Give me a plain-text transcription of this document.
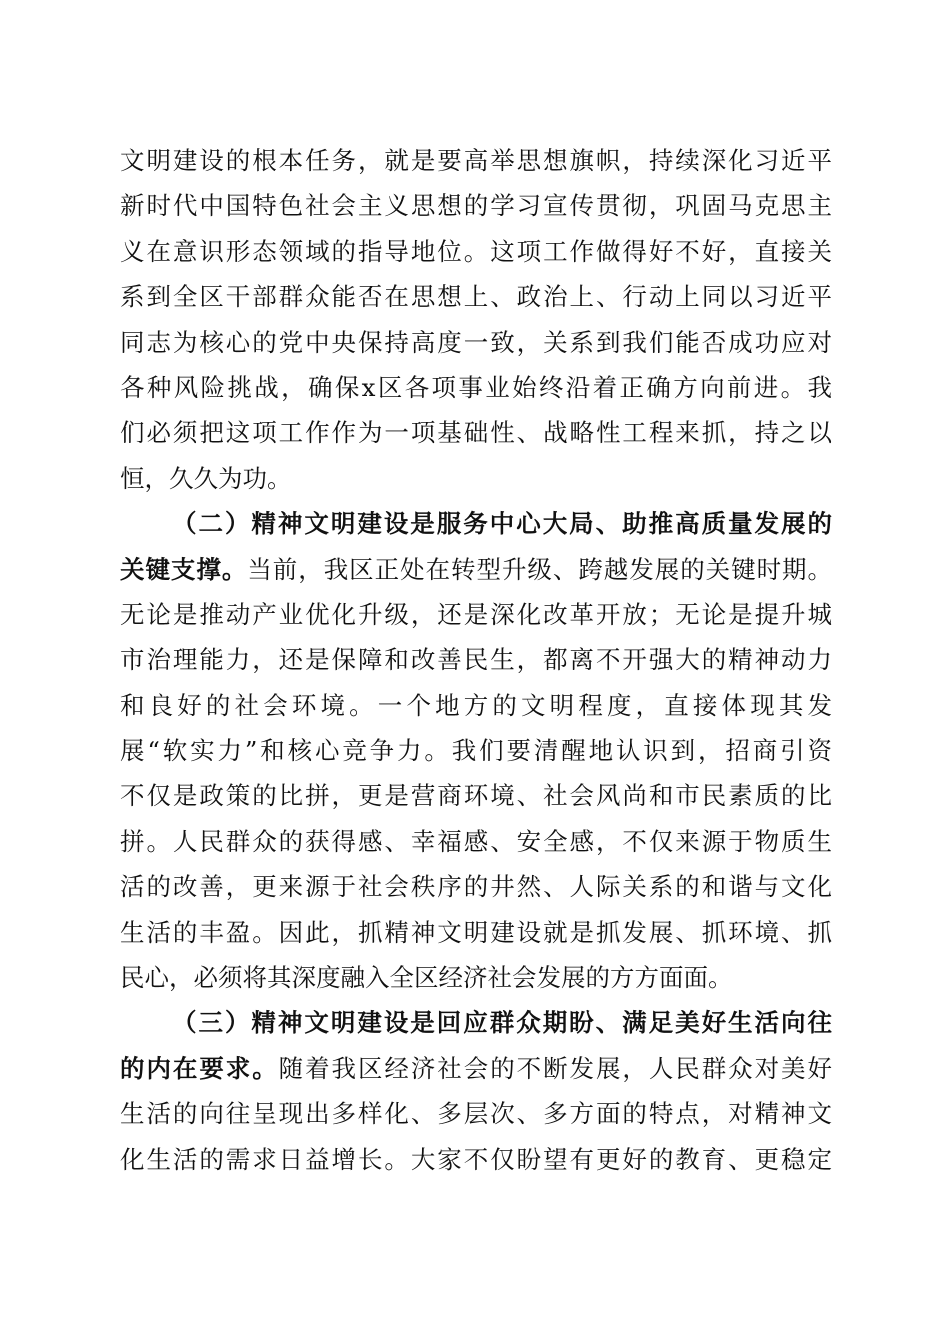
文明建设的根本任务，就是要高举思想旗帜，持续深化习近平
新时代中国特色社会主义思想的学习宣传贯彻，巩固马克思主
义在意识形态领域的指导地位。这项工作做得好不好，直接关
系到全区干部群众能否在思想上、政治上、行动上同以习近平
同志为核心的党中央保持高度一致，关系到我们能否成功应对
各种风险挑战，确保x区各项事业始终沿着正确方向前进。我
们必须把这项工作作为一项基础性、战略性工程来抓，持之以
恒，久久为功。
（二）精神文明建设是服务中心大局、助推高质量发展的
关键支撑。当前，我区正处在转型升级、跨越发展的关键时期。
无论是推动产业优化升级，还是深化改革开放；无论是提升城
市治理能力，还是保障和改善民生，都离不开强大的精神动力
和良好的社会环境。一个地方的文明程度，直接体现其发
展“软实力”和核心竞争力。我们要清醒地认识到，招商引资
不仅是政策的比拼，更是营商环境、社会风尚和市民素质的比
拼。人民群众的获得感、幸福感、安全感，不仅来源于物质生
活的改善，更来源于社会秩序的井然、人际关系的和谐与文化
生活的丰盈。因此，抓精神文明建设就是抓发展、抓环境、抓
民心，必须将其深度融入全区经济社会发展的方方面面。
（三）精神文明建设是回应群众期盼、满足美好生活向往
的内在要求。随着我区经济社会的不断发展，人民群众对美好
生活的向往呈现出多样化、多层次、多方面的特点，对精神文
化生活的需求日益增长。大家不仅盼望有更好的教育、更稳定
